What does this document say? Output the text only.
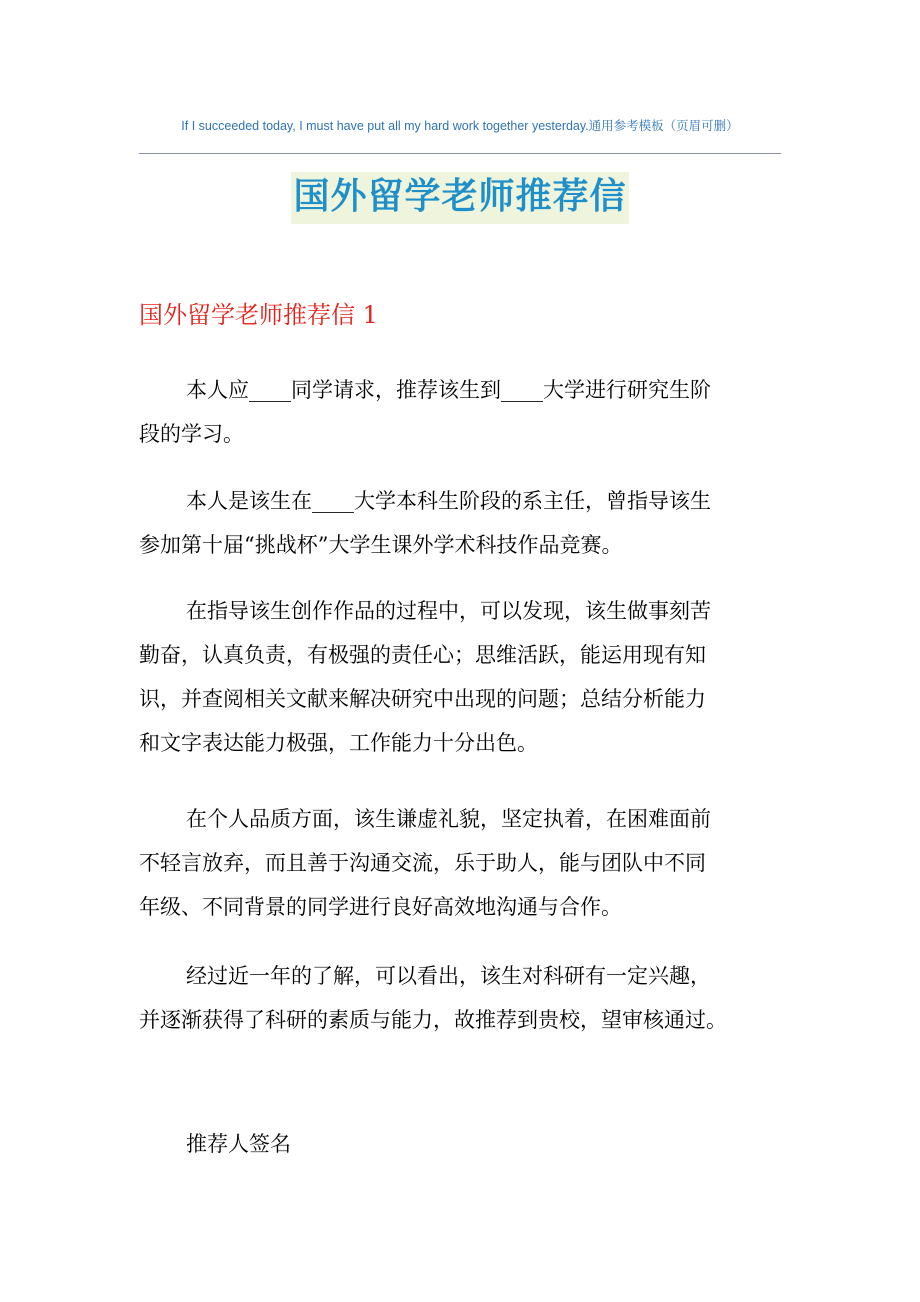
If I succeeded today, I must have put all my hard work together yesterday.通用参考模板（页眉可删）
国外留学老师推荐信
国外留学老师推荐信 1
本人应____同学请求，推荐该生到____大学进行研究生阶
段的学习。
本人是该生在____大学本科生阶段的系主任，曾指导该生
参加第十届“挑战杯”大学生课外学术科技作品竞赛。
在指导该生创作作品的过程中，可以发现，该生做事刻苦
勤奋，认真负责，有极强的责任心；思维活跃，能运用现有知
识，并查阅相关文献来解决研究中出现的问题；总结分析能力
和文字表达能力极强，工作能力十分出色。
在个人品质方面，该生谦虚礼貌，坚定执着，在困难面前
不轻言放弃，而且善于沟通交流，乐于助人，能与团队中不同
年级、不同背景的同学进行良好高效地沟通与合作。
经过近一年的了解，可以看出，该生对科研有一定兴趣，
并逐渐获得了科研的素质与能力，故推荐到贵校，望审核通过。
推荐人签名
